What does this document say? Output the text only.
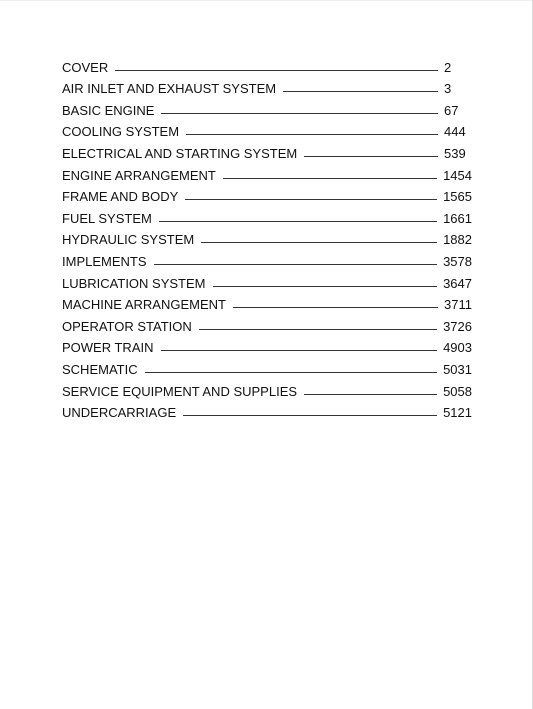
COVER	2
AIR INLET AND EXHAUST SYSTEM	3
BASIC ENGINE	67
COOLING SYSTEM	444
ELECTRICAL AND STARTING SYSTEM	539
ENGINE ARRANGEMENT	1454
FRAME AND BODY	1565
FUEL SYSTEM	1661
HYDRAULIC SYSTEM	1882
IMPLEMENTS	3578
LUBRICATION SYSTEM	3647
MACHINE ARRANGEMENT	3711
OPERATOR STATION	3726
POWER TRAIN	4903
SCHEMATIC	5031
SERVICE EQUIPMENT AND SUPPLIES	5058
UNDERCARRIAGE	5121
